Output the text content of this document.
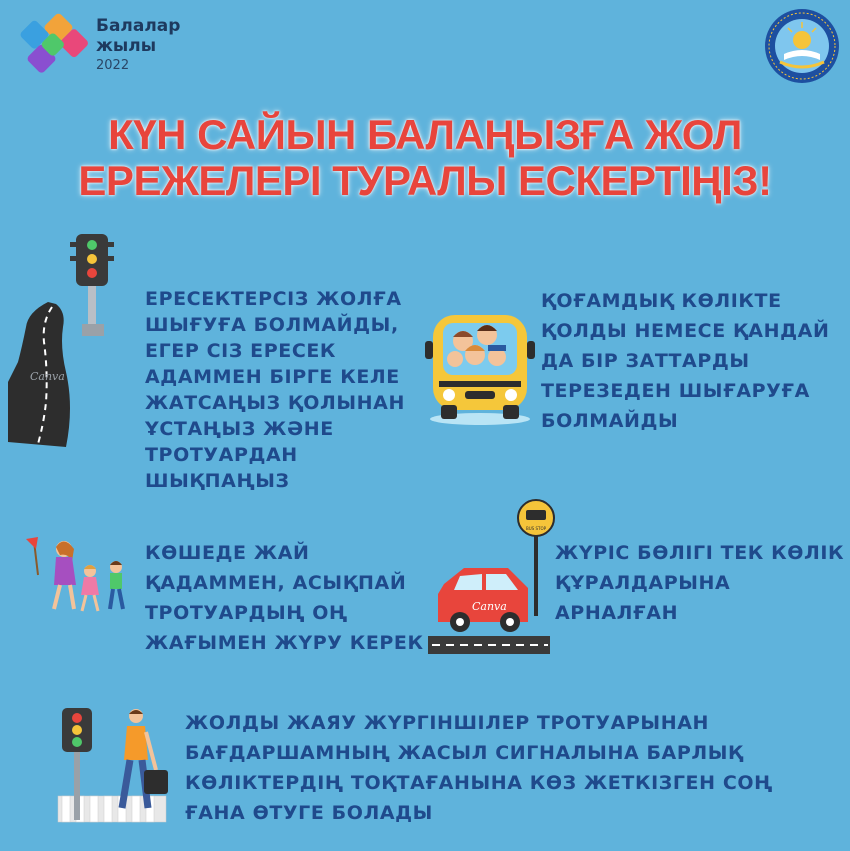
Балалар
жылы
2022
КҮН САЙЫН БАЛАҢЫЗҒА ЖОЛ
ЕРЕЖЕЛЕРІ ТУРАЛЫ ЕСКЕРТІҢІЗ!
Canva
ЕРЕСЕКТЕРСІЗ ЖОЛҒА
ШЫҒУҒА БОЛМАЙДЫ,
ЕГЕР СІЗ ЕРЕСЕК
АДАММЕН БІРГЕ КЕЛЕ
ЖАТСАҢЫЗ ҚОЛЫНАН
ҰСТАҢЫЗ ЖӘНЕ
ТРОТУАРДАН
ШЫҚПАҢЫЗ
ҚОҒАМДЫҚ КӨЛІКТЕ
ҚОЛДЫ НЕМЕСЕ ҚАНДАЙ
ДА БІР ЗАТТАРДЫ
ТЕРЕЗЕДЕН ШЫҒАРУҒА
БОЛМАЙДЫ
КӨШЕДЕ ЖАЙ
ҚАДАММЕН, АСЫҚПАЙ
ТРОТУАРДЫҢ ОҢ
ЖАҒЫМЕН ЖҮРУ КЕРЕК
BUS STOP
Canva
ЖҮРІС БӨЛІГІ ТЕК КӨЛІК
ҚҰРАЛДАРЫНА
АРНАЛҒАН
ЖОЛДЫ ЖАЯУ ЖҮРГІНШІЛЕР ТРОТУАРЫНАН
БАҒДАРШАМНЫҢ ЖАСЫЛ СИГНАЛЫНА БАРЛЫҚ
КӨЛІКТЕРДІҢ ТОҚТАҒАНЫНА КӨЗ ЖЕТКІЗГЕН СОҢ
ҒАНА ӨТУГЕ БОЛАДЫ
